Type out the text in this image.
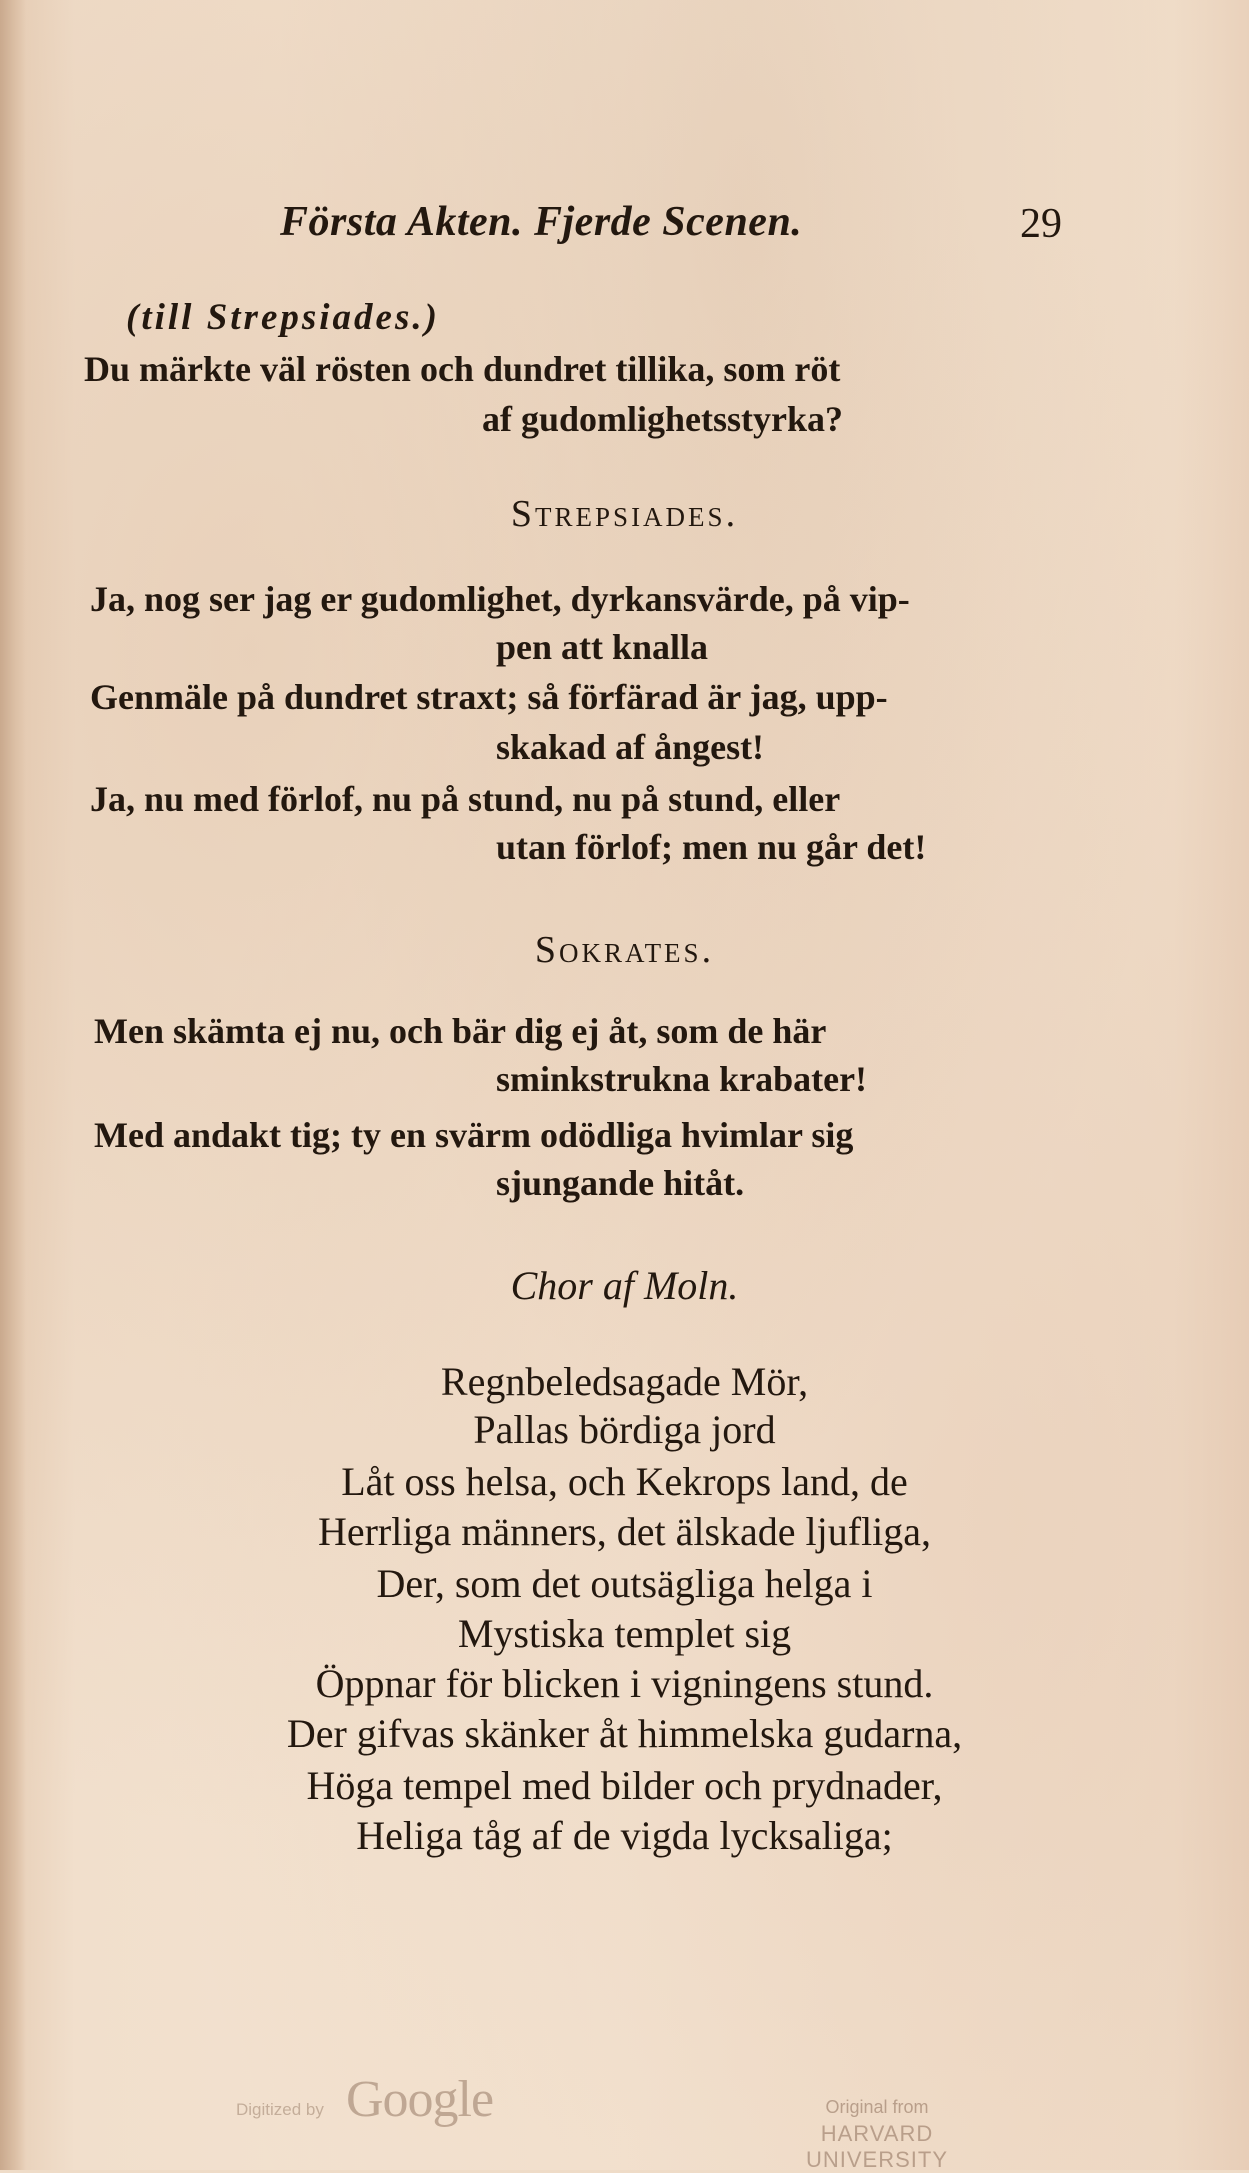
Första Akten. Fjerde Scenen.	29
(till Strepsiades.)
Du märkte väl rösten och dundret tillika, som röt
af gudomlighetsstyrka?
Strepsiades.
Ja, nog ser jag er gudomlighet, dyrkansvärde, på vip-
pen att knalla
Genmäle på dundret straxt; så förfärad är jag, upp-
skakad af ångest!
Ja, nu med förlof, nu på stund, nu på stund, eller
utan förlof; men nu går det!
Sokrates.
Men skämta ej nu, och bär dig ej åt, som de här
sminkstrukna krabater!
Med andakt tig; ty en svärm odödliga hvimlar sig
sjungande hitåt.
Chor af Moln.
Regnbeledsagade Mör,
Pallas bördiga jord
Låt oss helsa, och Kekrops land, de
Herrliga männers, det älskade ljufliga,
Der, som det outsägliga helga i
Mystiska templet sig
Öppnar för blicken i vigningens stund.
Der gifvas skänker åt himmelska gudarna,
Höga tempel med bilder och prydnader,
Heliga tåg af de vigda lycksaliga;
Digitized by Google	Original from
HARVARD UNIVERSITY
